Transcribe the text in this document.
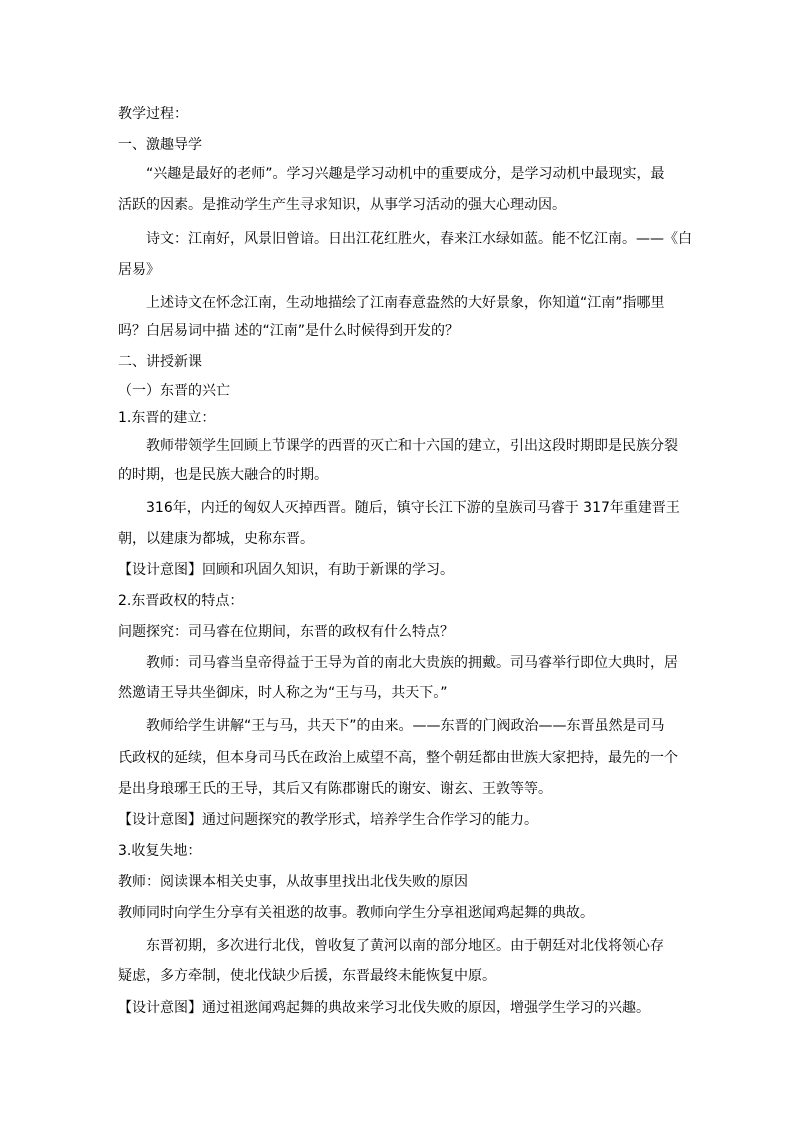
教学过程：
一、激趣导学
“兴趣是最好的老师”。学习兴趣是学习动机中的重要成分，是学习动机中最现实，最
活跃的因素。是推动学生产生寻求知识，从事学习活动的强大心理动因。
诗文：江南好，风景旧曾谙。日出江花红胜火，春来江水绿如蓝。能不忆江南。——《白
居易》
上述诗文在怀念江南，生动地描绘了江南春意盎然的大好景象，你知道“江南”指哪里
吗？白居易词中描 述的“江南”是什么时候得到开发的？
二、讲授新课
（一）东晋的兴亡
1.东晋的建立：
教师带领学生回顾上节课学的西晋的灭亡和十六国的建立，引出这段时期即是民族分裂
的时期，也是民族大融合的时期。
316年，内迁的匈奴人灭掉西晋。随后，镇守长江下游的皇族司马睿于 317年重建晋王
朝，以建康为都城，史称东晋。
【设计意图】回顾和巩固久知识，有助于新课的学习。
2.东晋政权的特点：
问题探究：司马睿在位期间，东晋的政权有什么特点？
教师：司马睿当皇帝得益于王导为首的南北大贵族的拥戴。司马睿举行即位大典时，居
然邀请王导共坐御床，时人称之为“王与马，共天下。”
教师给学生讲解“王与马，共天下”的由来。——东晋的门阀政治——东晋虽然是司马
氏政权的延续，但本身司马氏在政治上威望不高，整个朝廷都由世族大家把持，最先的一个
是出身琅琊王氏的王导，其后又有陈郡谢氏的谢安、谢玄、王敦等等。
【设计意图】通过问题探究的教学形式，培养学生合作学习的能力。
3.收复失地：
教师：阅读课本相关史事，从故事里找出北伐失败的原因
教师同时向学生分享有关祖逖的故事。教师向学生分享祖逖闻鸡起舞的典故。
东晋初期，多次进行北伐，曾收复了黄河以南的部分地区。由于朝廷对北伐将领心存
疑虑，多方牵制，使北伐缺少后援，东晋最终未能恢复中原。
【设计意图】通过祖逖闻鸡起舞的典故来学习北伐失败的原因，增强学生学习的兴趣。
